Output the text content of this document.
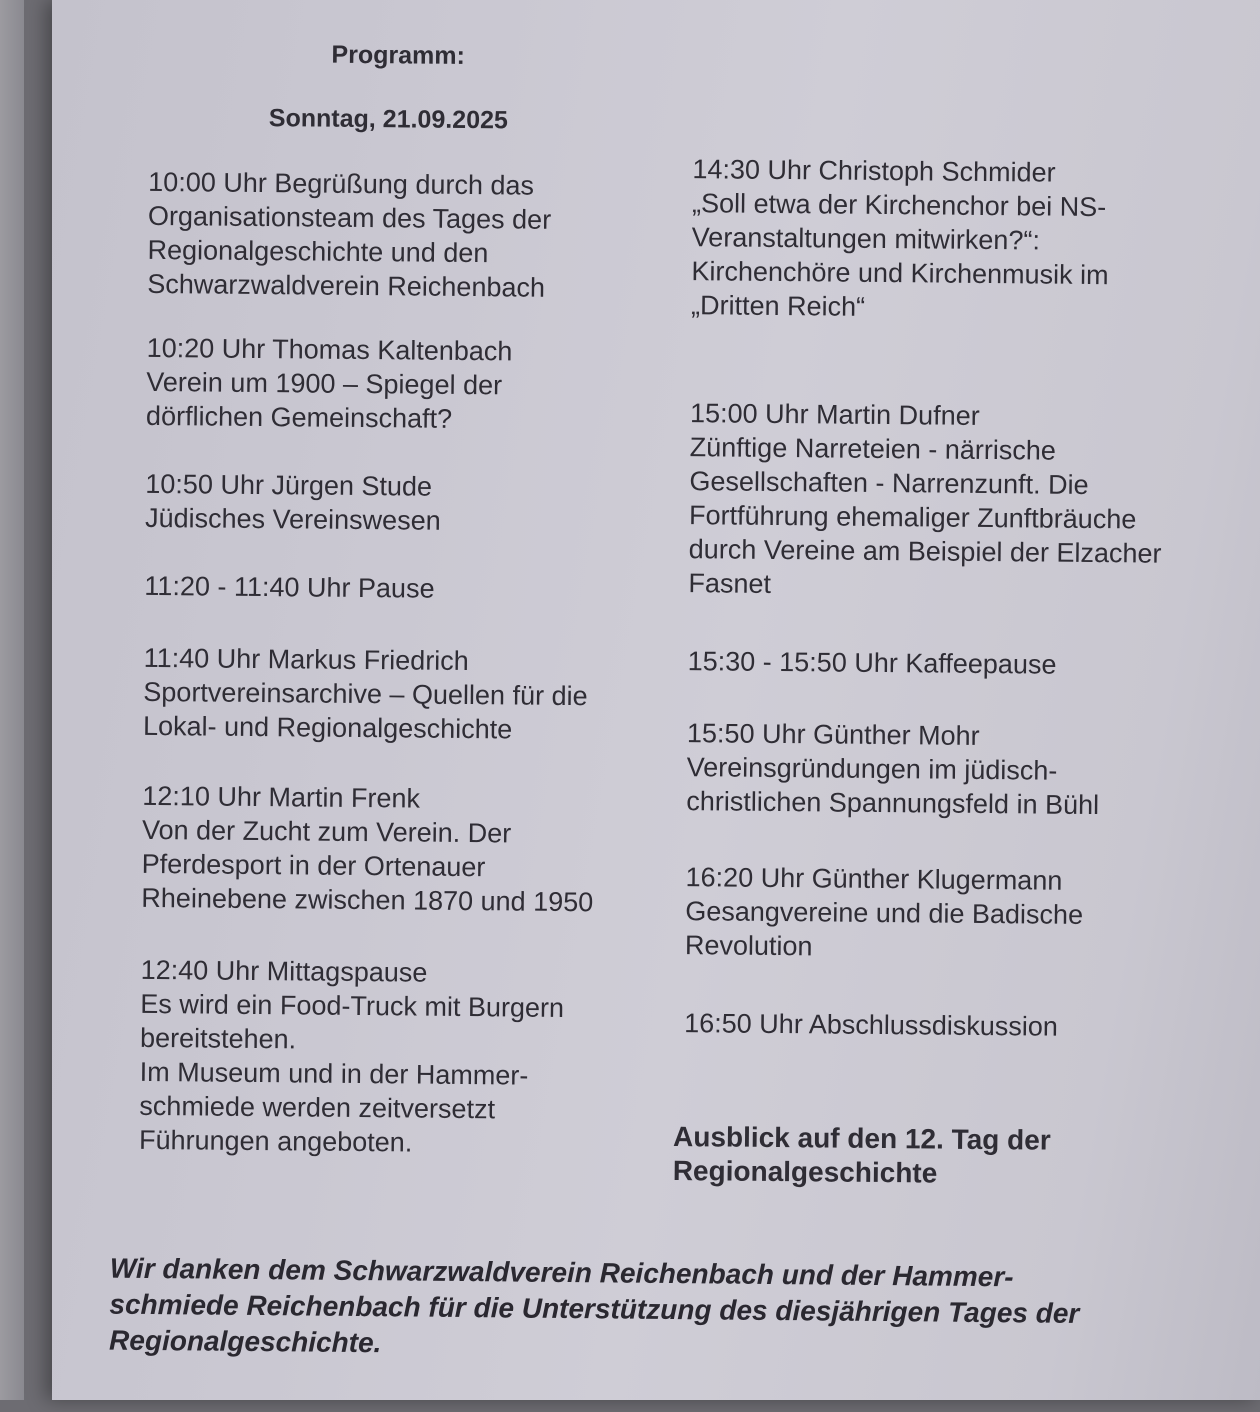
Programm:
Sonntag, 21.09.2025
10:00 Uhr Begrüßung durch das
Organisationsteam des Tages der
Regionalgeschichte und den
Schwarzwaldverein Reichenbach
10:20 Uhr Thomas Kaltenbach
Verein um 1900 – Spiegel der
dörflichen Gemeinschaft?
10:50 Uhr Jürgen Stude
Jüdisches Vereinswesen
11:20 - 11:40 Uhr Pause
11:40 Uhr Markus Friedrich
Sportvereinsarchive – Quellen für die
Lokal- und Regionalgeschichte
12:10 Uhr Martin Frenk
Von der Zucht zum Verein. Der
Pferdesport in der Ortenauer
Rheinebene zwischen 1870 und 1950
12:40 Uhr Mittagspause
Es wird ein Food-Truck mit Burgern
bereitstehen.
Im Museum und in der Hammer-
schmiede werden zeitversetzt
Führungen angeboten.
14:30 Uhr Christoph Schmider
„Soll etwa der Kirchenchor bei NS-
Veranstaltungen mitwirken?“:
Kirchenchöre und Kirchenmusik im
„Dritten Reich“
15:00 Uhr Martin Dufner
Zünftige Narreteien - närrische
Gesellschaften - Narrenzunft. Die
Fortführung ehemaliger Zunftbräuche
durch Vereine am Beispiel der Elzacher
Fasnet
15:30 - 15:50 Uhr Kaffeepause
15:50 Uhr Günther Mohr
Vereinsgründungen im jüdisch-
christlichen Spannungsfeld in Bühl
16:20 Uhr Günther Klugermann
Gesangvereine und die Badische
Revolution
16:50 Uhr Abschlussdiskussion
Ausblick auf den 12. Tag der
Regionalgeschichte
Wir danken dem Schwarzwaldverein Reichenbach und der Hammer-
schmiede Reichenbach für die Unterstützung des diesjährigen Tages der
Regionalgeschichte.
